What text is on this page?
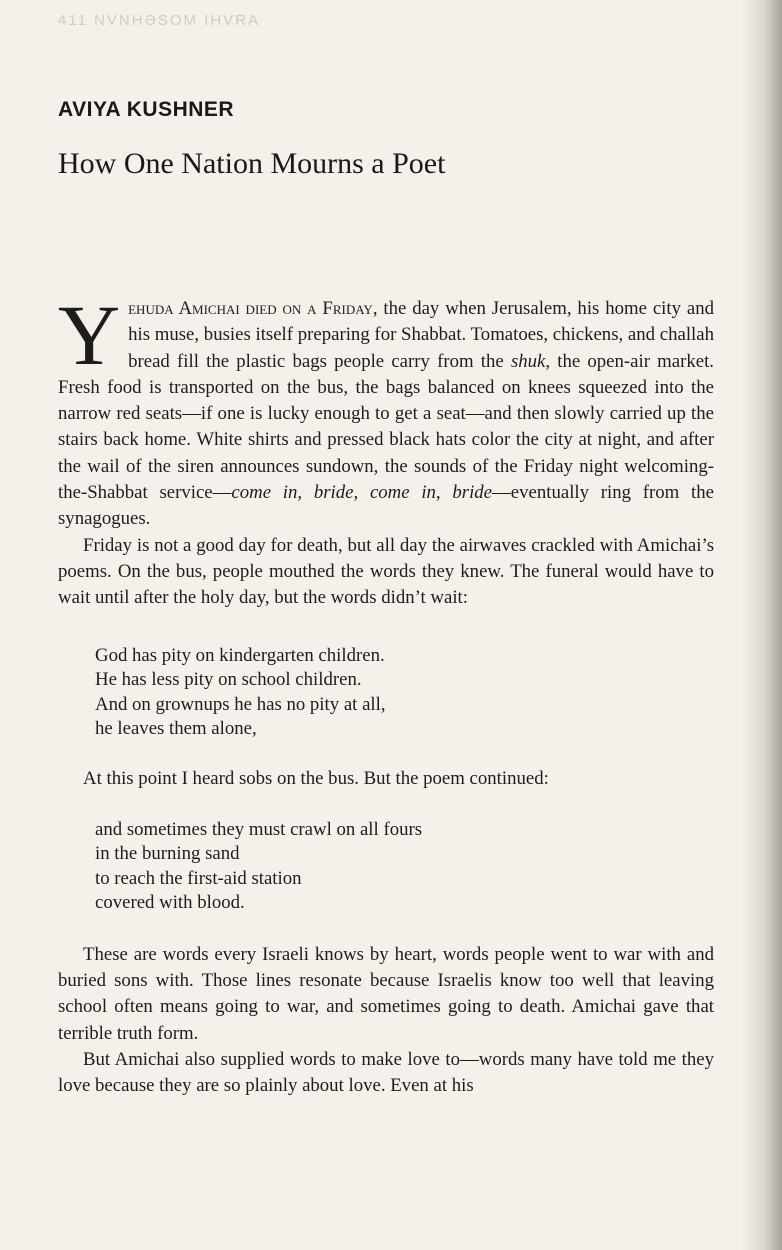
411 NVNHƏSOM IHVRA
AVIYA KUSHNER
How One Nation Mourns a Poet

Yehuda Amichai died on a Friday, the day when Jerusalem, his home city and his muse, busies itself preparing for Shabbat. Tomatoes, chickens, and challah bread fill the plastic bags people carry from the shuk, the open-air market. Fresh food is transported on the bus, the bags balanced on knees squeezed into the narrow red seats—if one is lucky enough to get a seat—and then slowly carried up the stairs back home. White shirts and pressed black hats color the city at night, and after the wail of the siren announces sundown, the sounds of the Friday night welcoming-the-Shabbat service—come in, bride, come in, bride—eventually ring from the synagogues.

Friday is not a good day for death, but all day the airwaves crackled with Amichai’s poems. On the bus, people mouthed the words they knew. The funeral would have to wait until after the holy day, but the words didn’t wait:

God has pity on kindergarten children.
He has less pity on school children.
And on grownups he has no pity at all,
he leaves them alone,

At this point I heard sobs on the bus. But the poem continued:

and sometimes they must crawl on all fours
in the burning sand
to reach the first-aid station
covered with blood.

These are words every Israeli knows by heart, words people went to war with and buried sons with. Those lines resonate because Israelis know too well that leaving school often means going to war, and sometimes going to death. Amichai gave that terrible truth form.

But Amichai also supplied words to make love to—words many have told me they love because they are so plainly about love. Even at his
